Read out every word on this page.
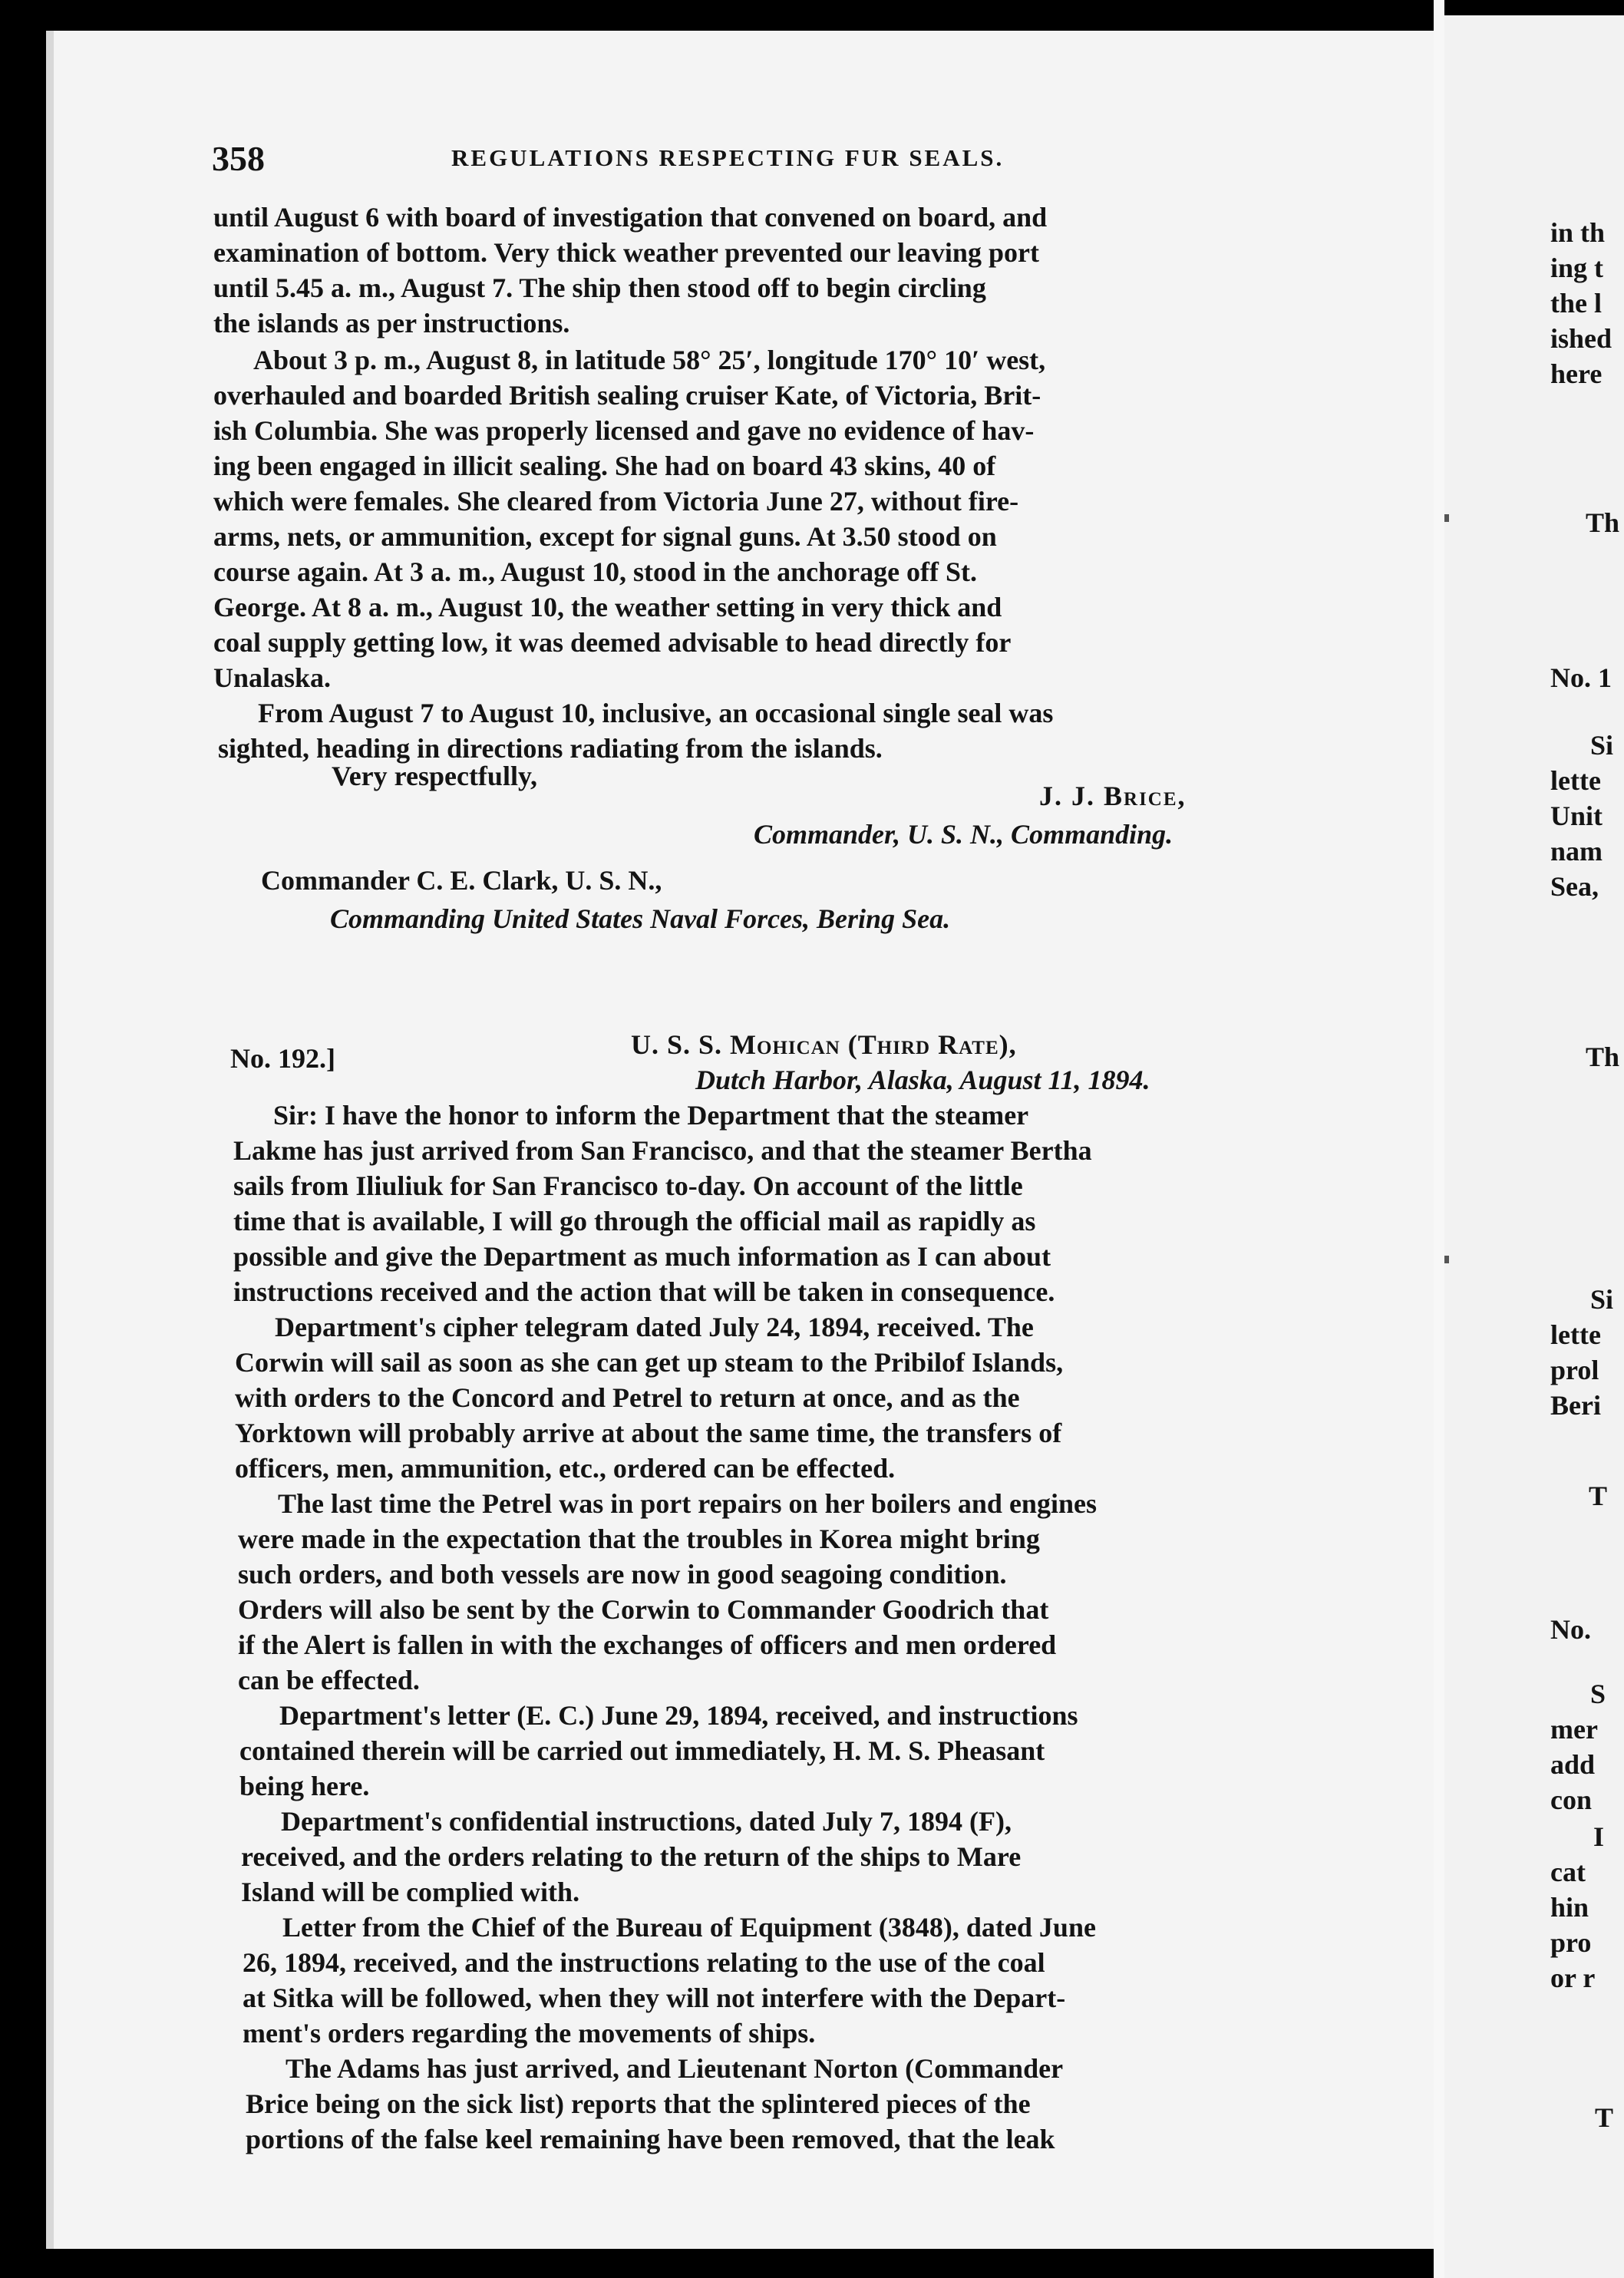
358	REGULATIONS RESPECTING FUR SEALS.
until August 6 with board of investigation that convened on board, and
examination of bottom. Very thick weather prevented our leaving port
until 5.45 a. m., August 7. The ship then stood off to begin circling
the islands as per instructions.
About 3 p. m., August 8, in latitude 58° 25′, longitude 170° 10′ west,
overhauled and boarded British sealing cruiser Kate, of Victoria, Brit-
ish Columbia. She was properly licensed and gave no evidence of hav-
ing been engaged in illicit sealing. She had on board 43 skins, 40 of
which were females. She cleared from Victoria June 27, without fire-
arms, nets, or ammunition, except for signal guns. At 3.50 stood on
course again. At 3 a. m., August 10, stood in the anchorage off St.
George. At 8 a. m., August 10, the weather setting in very thick and
coal supply getting low, it was deemed advisable to head directly for
Unalaska.
From August 7 to August 10, inclusive, an occasional single seal was
sighted, heading in directions radiating from the islands.
Very respectfully,
J. J. Brice,
Commander, U. S. N., Commanding.
Commander C. E. Clark, U. S. N.,
Commanding United States Naval Forces, Bering Sea.
No. 192.]	U. S. S. Mohican (Third Rate),
Dutch Harbor, Alaska, August 11, 1894.
Sir: I have the honor to inform the Department that the steamer
Lakme has just arrived from San Francisco, and that the steamer Bertha
sails from Iliuliuk for San Francisco to-day. On account of the little
time that is available, I will go through the official mail as rapidly as
possible and give the Department as much information as I can about
instructions received and the action that will be taken in consequence.
Department's cipher telegram dated July 24, 1894, received. The
Corwin will sail as soon as she can get up steam to the Pribilof Islands,
with orders to the Concord and Petrel to return at once, and as the
Yorktown will probably arrive at about the same time, the transfers of
officers, men, ammunition, etc., ordered can be effected.
The last time the Petrel was in port repairs on her boilers and engines
were made in the expectation that the troubles in Korea might bring
such orders, and both vessels are now in good seagoing condition.
Orders will also be sent by the Corwin to Commander Goodrich that
if the Alert is fallen in with the exchanges of officers and men ordered
can be effected.
Department's letter (E. C.) June 29, 1894, received, and instructions
contained therein will be carried out immediately, H. M. S. Pheasant
being here.
Department's confidential instructions, dated July 7, 1894 (F),
received, and the orders relating to the return of the ships to Mare
Island will be complied with.
Letter from the Chief of the Bureau of Equipment (3848), dated June
26, 1894, received, and the instructions relating to the use of the coal
at Sitka will be followed, when they will not interfere with the Depart-
ment's orders regarding the movements of ships.
The Adams has just arrived, and Lieutenant Norton (Commander
Brice being on the sick list) reports that the splintered pieces of the
portions of the false keel remaining have been removed, that the leak
in th
ing t
the l
ished
here
Th
No. 1
Si
lette
Unit
nam
Sea,
Th
Si
lette
prol
Beri
T
No.
S
mer
add
con
I
cat
hin
pro
or r
T
